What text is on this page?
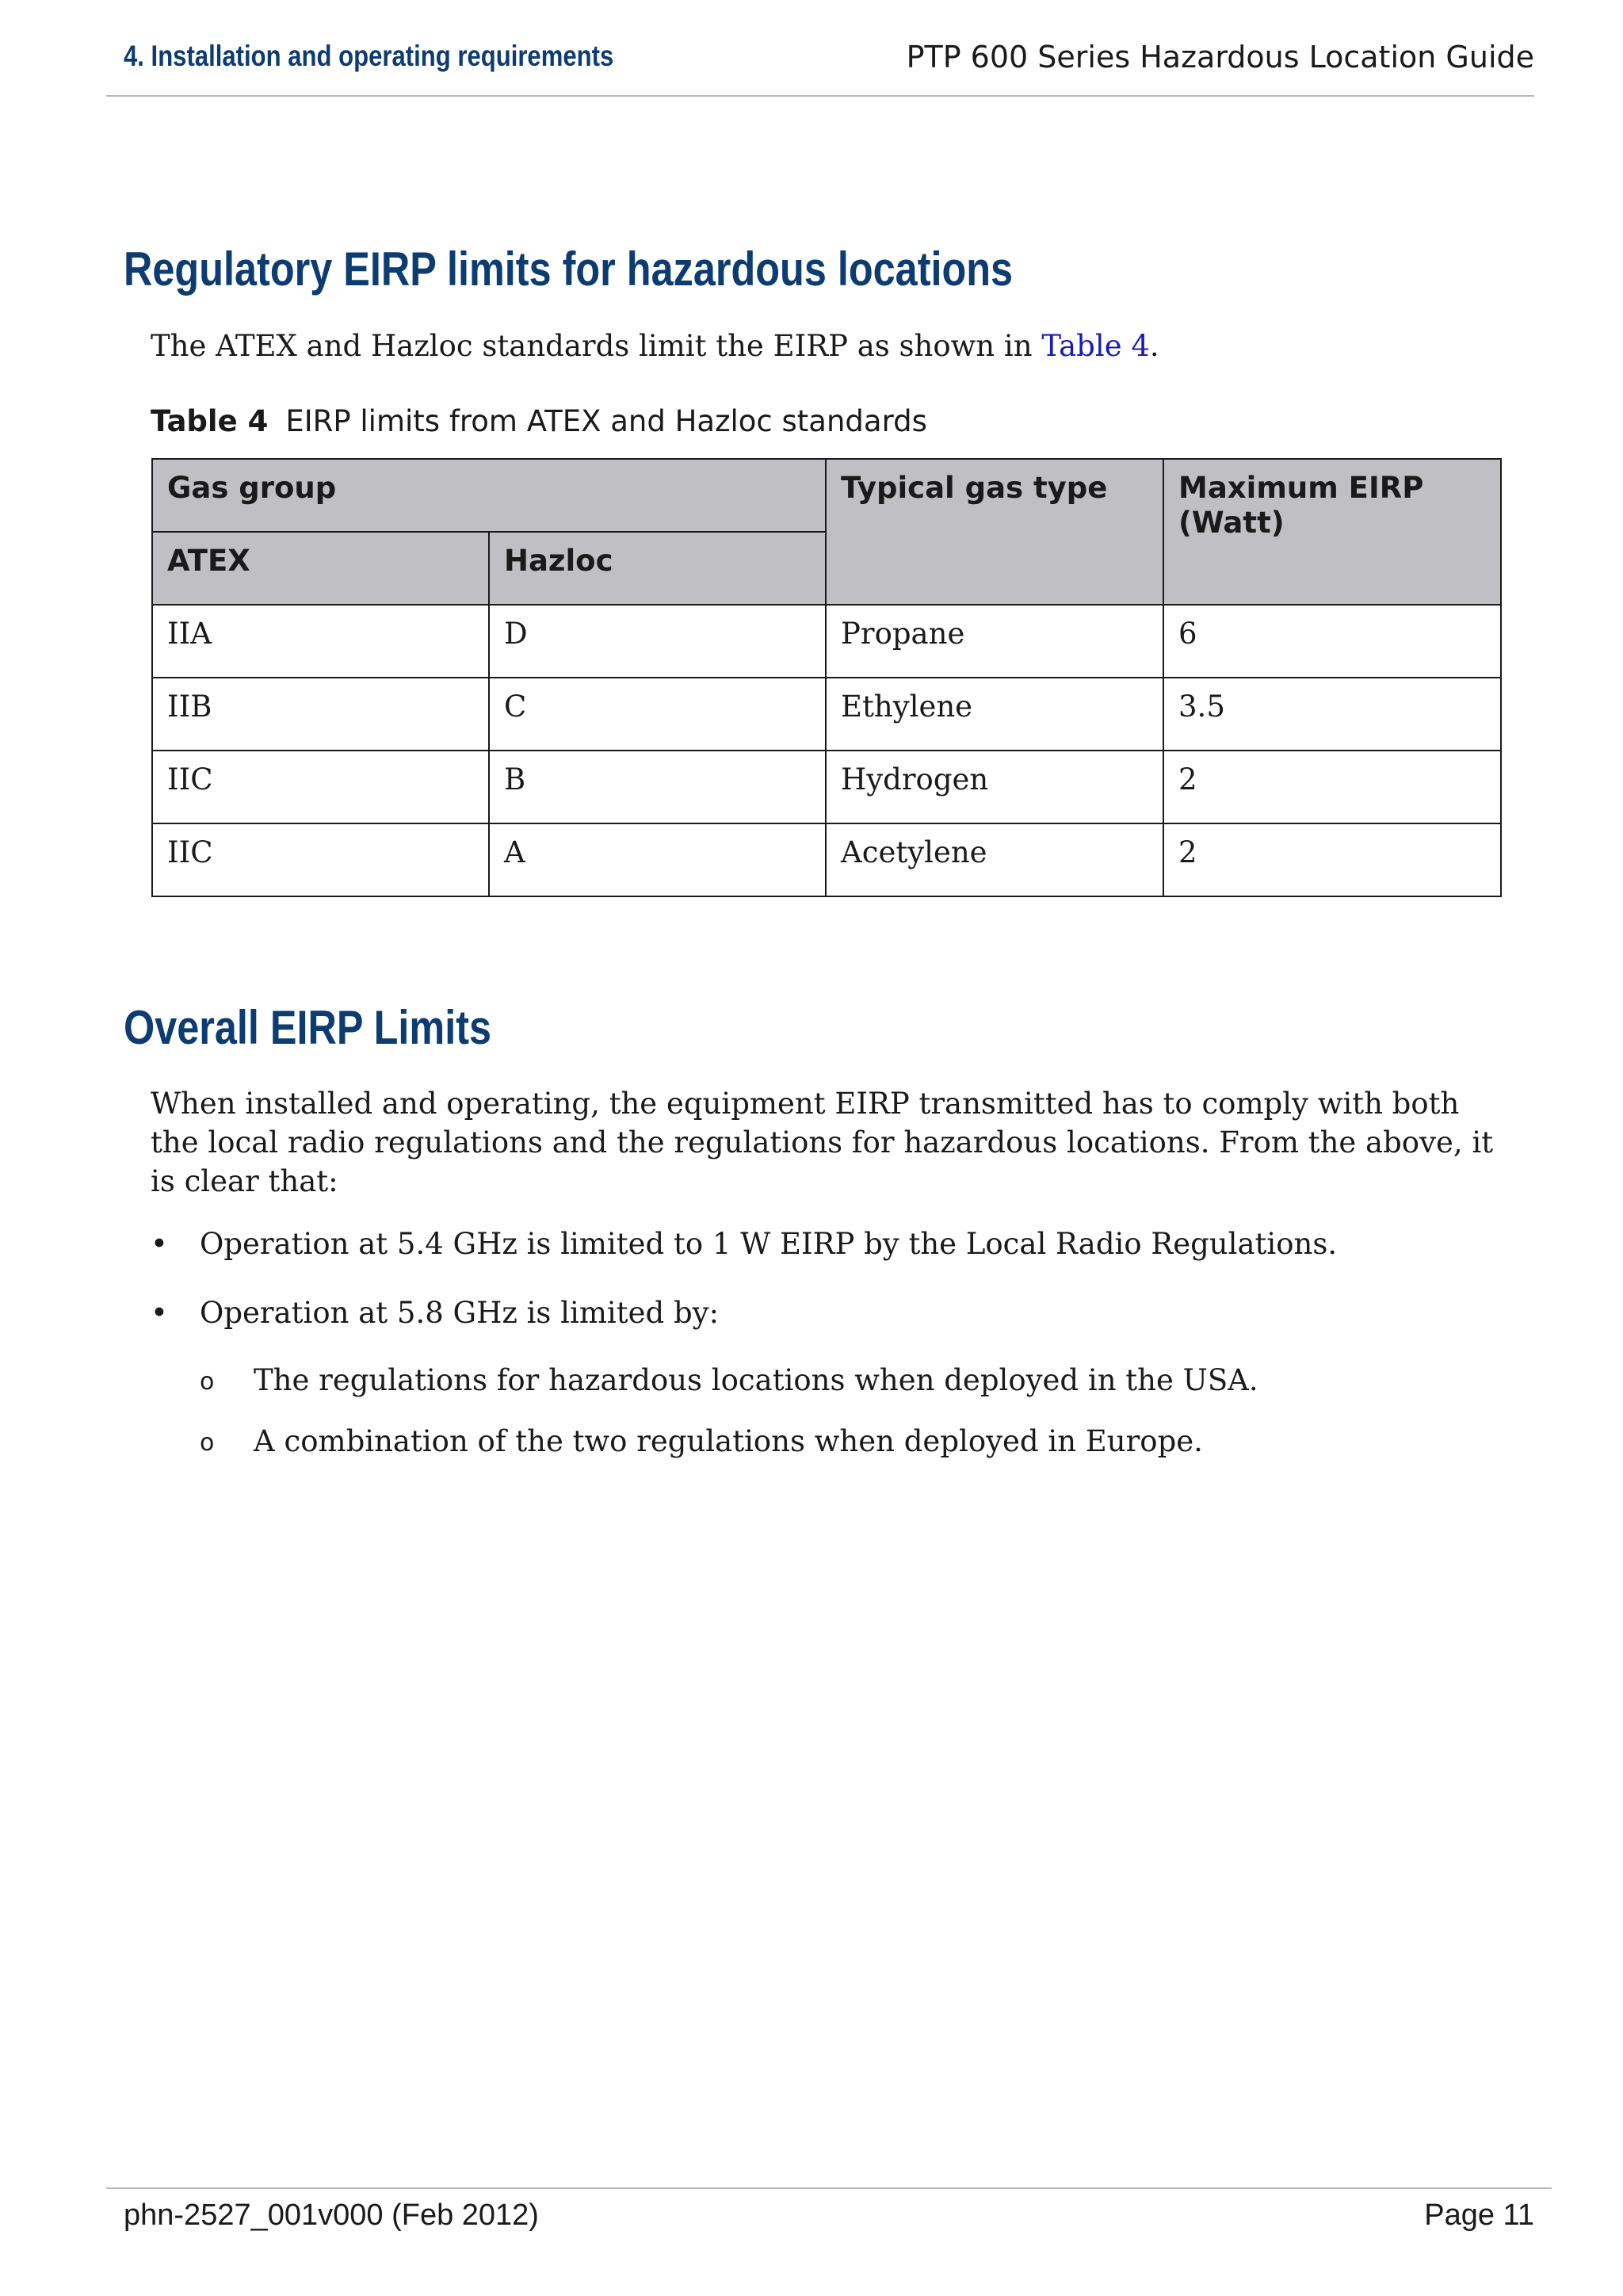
4. Installation and operating requirements	PTP 600 Series Hazardous Location Guide
Regulatory EIRP limits for hazardous locations

The ATEX and Hazloc standards limit the EIRP as shown in Table 4.

Table 4 EIRP limits from ATEX and Hazloc standards
Gas group		Typical gas type	Maximum EIRP (Watt)
ATEX	Hazloc		
IIA	D	Propane	6
IIB	C	Ethylene	3.5
IIC	B	Hydrogen	2
IIC	A	Acetylene	2
Overall EIRP Limits

When installed and operating, the equipment EIRP transmitted has to comply with both the local radio regulations and the regulations for hazardous locations. From the above, it is clear that:

• Operation at 5.4 GHz is limited to 1 W EIRP by the Local Radio Regulations.
• Operation at 5.8 GHz is limited by:
o The regulations for hazardous locations when deployed in the USA.
o A combination of the two regulations when deployed in Europe.
phn-2527_001v000 (Feb 2012)	Page 11
